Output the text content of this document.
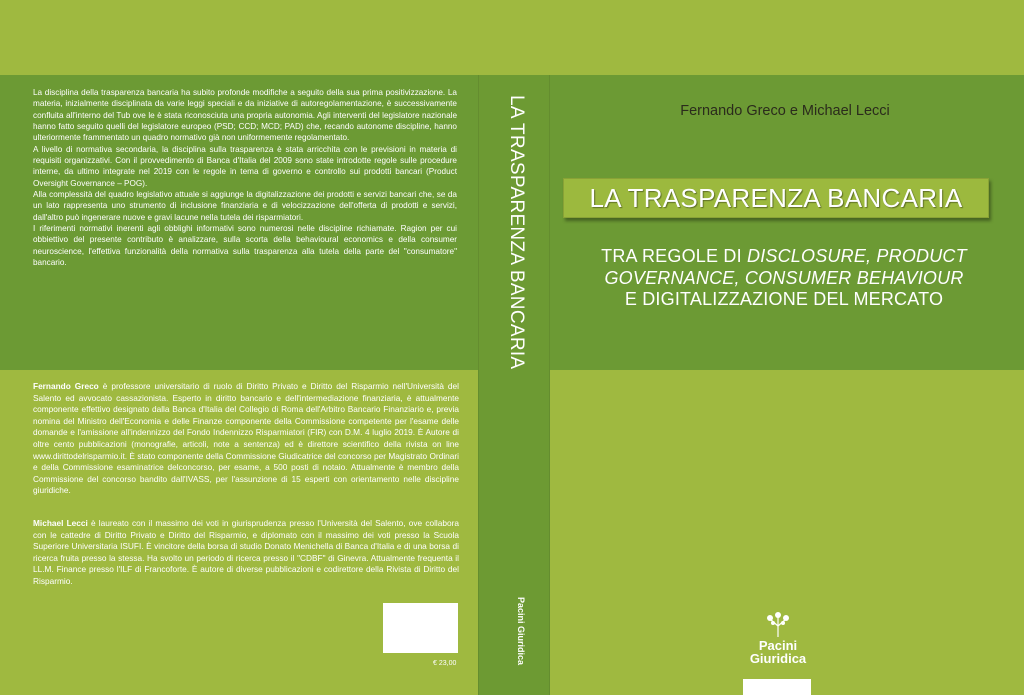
La disciplina della trasparenza bancaria ha subito profonde modifiche a seguito della sua prima positivizzazione. La materia, inizialmente disciplinata da varie leggi speciali e da iniziative di autoregolamentazione, è successivamente confluita all'interno del Tub ove le è stata riconosciuta una propria autonomia. Agli interventi del legislatore nazionale hanno fatto seguito quelli del legislatore europeo (PSD; CCD; MCD; PAD) che, recando autonome discipline, hanno ulteriormente frammentato un quadro normativo già non uniformemente regolamentato.

A livello di normativa secondaria, la disciplina sulla trasparenza è stata arricchita con le previsioni in materia di requisiti organizzativi. Con il provvedimento di Banca d'Italia del 2009 sono state introdotte regole sulle procedure interne, da ultimo integrate nel 2019 con le regole in tema di governo e controllo sui prodotti bancari (Product Oversight Governance – POG).

Alla complessità del quadro legislativo attuale si aggiunge la digitalizzazione dei prodotti e servizi bancari che, se da un lato rappresenta uno strumento di inclusione finanziaria e di velocizzazione dell'offerta di prodotti e servizi, dall'altro può ingenerare nuove e gravi lacune nella tutela dei risparmiatori.

I riferimenti normativi inerenti agli obblighi informativi sono numerosi nelle discipline richiamate. Ragion per cui obbiettivo del presente contributo è analizzare, sulla scorta della behavioural economics e della consumer neuroscience, l'effettiva funzionalità della normativa sulla trasparenza alla tutela della parte del "consumatore" bancario.

Fernando Greco è professore universitario di ruolo di Diritto Privato e Diritto del Risparmio nell'Università del Salento ed avvocato cassazionista. Esperto in diritto bancario e dell'intermediazione finanziaria, è attualmente componente effettivo designato dalla Banca d'Italia del Collegio di Roma dell'Arbitro Bancario Finanziario e, previa nomina del Ministro dell'Economia e delle Finanze componente della Commissione competente per l'esame delle domande e l'amissione all'indennizzo del Fondo Indennizzo Risparmiatori (FIR) con D.M. 4 luglio 2019. È Autore di oltre cento pubblicazioni (monografie, articoli, note a sentenza) ed è direttore scientifico della rivista on line www.dirittodelrisparmio.it. È stato componente della Commissione Giudicatrice del concorso per Magistrato Ordinari e della Commissione esaminatrice delconcorso, per esame, a 500 posti di notaio. Attualmente è membro della Commissione del concorso bandito dall'IVASS, per l'assunzione di 15 esperti con orientamento nelle discipline giuridiche.

Michael Lecci è laureato con il massimo dei voti in giurisprudenza presso l'Università del Salento, ove collabora con le cattedre di Diritto Privato e Diritto del Risparmio, e diplomato con il massimo dei voti presso la Scuola Superiore Universitaria ISUFI. È vincitore della borsa di studio Donato Menichella di Banca d'Italia e di una borsa di ricerca fruita presso la stessa. Ha svolto un periodo di ricerca presso il "CDBF" di Ginevra. Attualmente frequenta il LL.M. Finance presso l'ILF di Francoforte. È autore di diverse pubblicazioni e codirettore della Rivista di Diritto del Risparmio.

€ 23,00
LA TRASPARENZA BANCARIA
Pacini Giuridica
Fernando Greco e Michael Lecci
LA TRASPARENZA BANCARIA
TRA REGOLE DI DISCLOSURE, PRODUCT
GOVERNANCE, CONSUMER BEHAVIOUR
E DIGITALIZZAZIONE DEL MERCATO
Pacini
Giuridica
